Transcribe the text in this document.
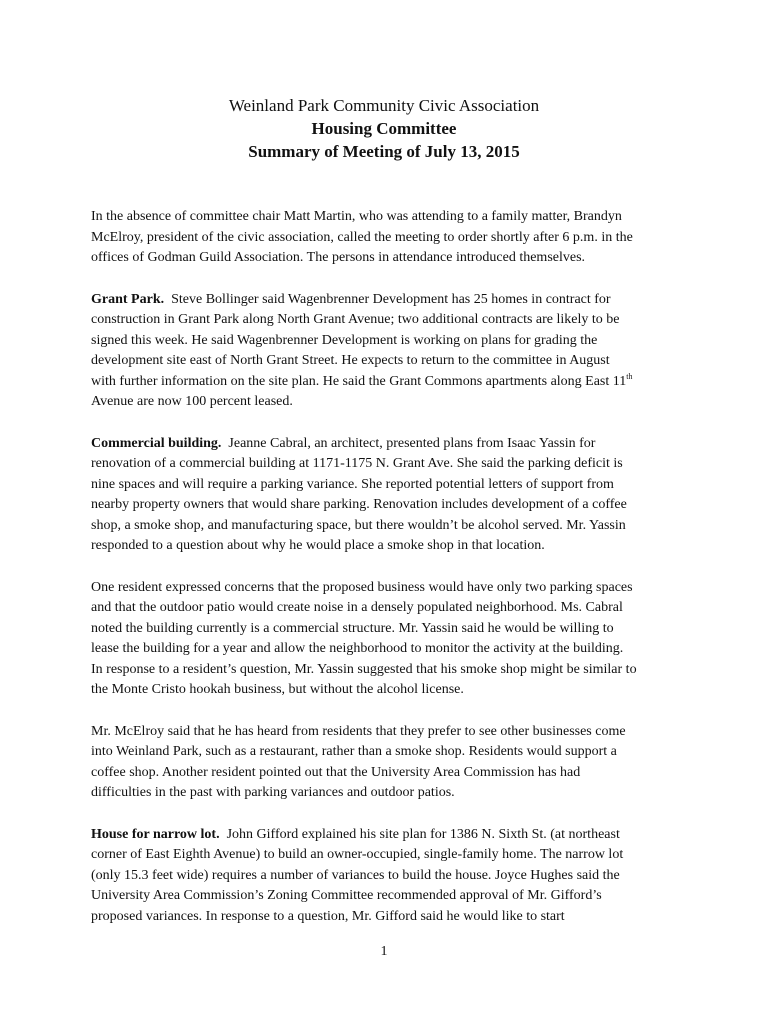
Weinland Park Community Civic Association
Housing Committee
Summary of Meeting of July 13, 2015
In the absence of committee chair Matt Martin, who was attending to a family matter, Brandyn
McElroy, president of the civic association, called the meeting to order shortly after 6 p.m. in the
offices of Godman Guild Association. The persons in attendance introduced themselves.
Grant Park.  Steve Bollinger said Wagenbrenner Development has 25 homes in contract for
construction in Grant Park along North Grant Avenue; two additional contracts are likely to be
signed this week. He said Wagenbrenner Development is working on plans for grading the
development site east of North Grant Street. He expects to return to the committee in August
with further information on the site plan. He said the Grant Commons apartments along East 11th
Avenue are now 100 percent leased.
Commercial building.  Jeanne Cabral, an architect, presented plans from Isaac Yassin for
renovation of a commercial building at 1171-1175 N. Grant Ave. She said the parking deficit is
nine spaces and will require a parking variance. She reported potential letters of support from
nearby property owners that would share parking. Renovation includes development of a coffee
shop, a smoke shop, and manufacturing space, but there wouldn’t be alcohol served. Mr. Yassin
responded to a question about why he would place a smoke shop in that location.
One resident expressed concerns that the proposed business would have only two parking spaces
and that the outdoor patio would create noise in a densely populated neighborhood. Ms. Cabral
noted the building currently is a commercial structure. Mr. Yassin said he would be willing to
lease the building for a year and allow the neighborhood to monitor the activity at the building.
In response to a resident’s question, Mr. Yassin suggested that his smoke shop might be similar to
the Monte Cristo hookah business, but without the alcohol license.
Mr. McElroy said that he has heard from residents that they prefer to see other businesses come
into Weinland Park, such as a restaurant, rather than a smoke shop. Residents would support a
coffee shop. Another resident pointed out that the University Area Commission has had
difficulties in the past with parking variances and outdoor patios.
House for narrow lot.  John Gifford explained his site plan for 1386 N. Sixth St. (at northeast
corner of East Eighth Avenue) to build an owner-occupied, single-family home. The narrow lot
(only 15.3 feet wide) requires a number of variances to build the house. Joyce Hughes said the
University Area Commission’s Zoning Committee recommended approval of Mr. Gifford’s
proposed variances. In response to a question, Mr. Gifford said he would like to start
1
